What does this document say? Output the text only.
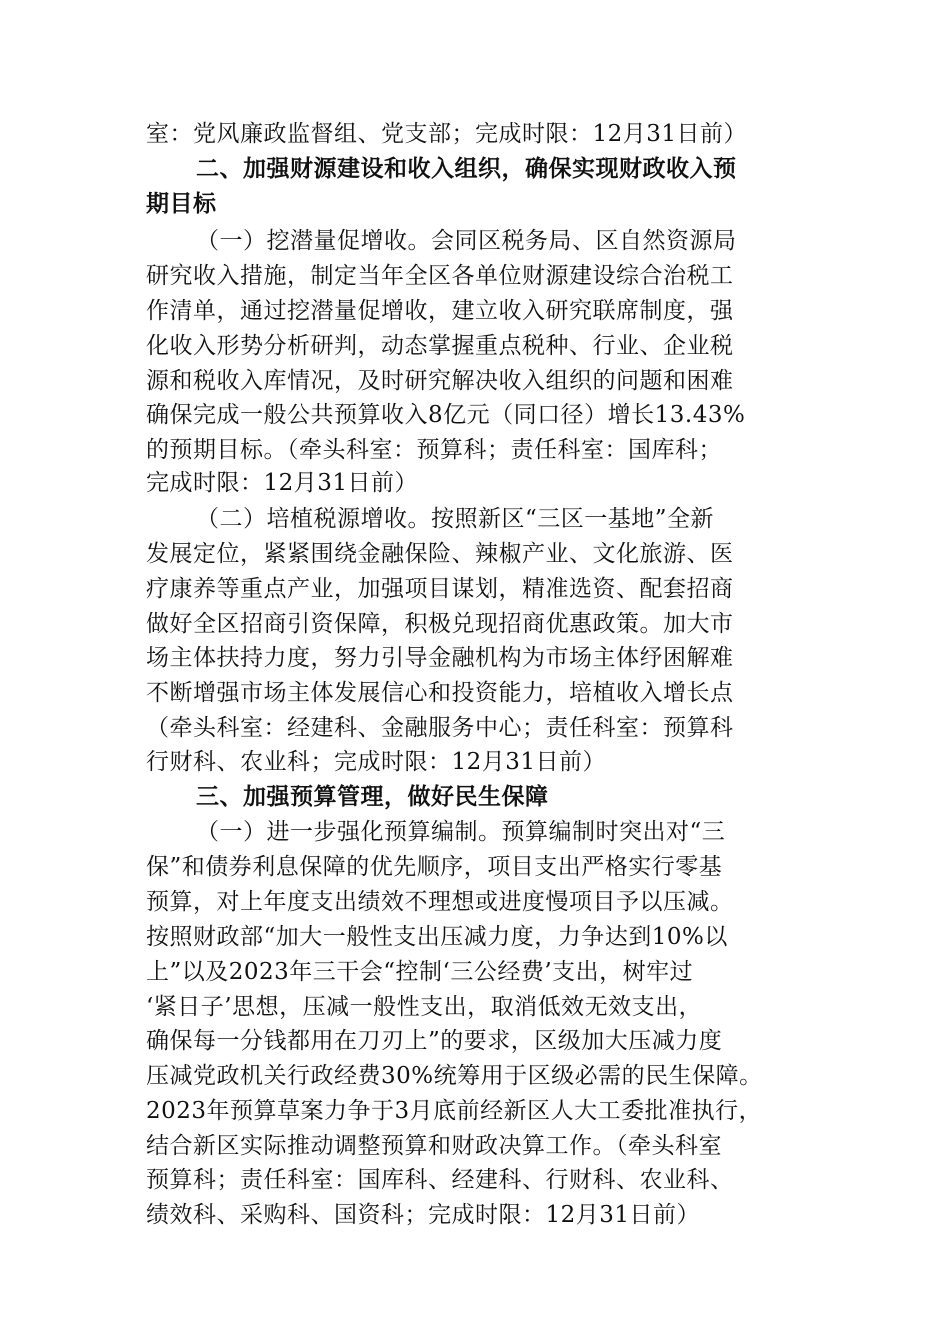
室：党风廉政监督组、党支部；完成时限：12月31日前）
二、加强财源建设和收入组织，确保实现财政收入预
期目标
（一）挖潜量促增收。会同区税务局、区自然资源局
研究收入措施，制定当年全区各单位财源建设综合治税工
作清单，通过挖潜量促增收，建立收入研究联席制度，强
化收入形势分析研判，动态掌握重点税种、行业、企业税
源和税收入库情况，及时研究解决收入组织的问题和困难
确保完成一般公共预算收入8亿元（同口径）增长13.43%
的预期目标。（牵头科室：预算科；责任科室：国库科；
完成时限：12月31日前）
（二）培植税源增收。按照新区“三区一基地”全新
发展定位，紧紧围绕金融保险、辣椒产业、文化旅游、医
疗康养等重点产业，加强项目谋划，精准选资、配套招商
做好全区招商引资保障，积极兑现招商优惠政策。加大市
场主体扶持力度，努力引导金融机构为市场主体纾困解难
不断增强市场主体发展信心和投资能力，培植收入增长点
（牵头科室：经建科、金融服务中心；责任科室：预算科
行财科、农业科；完成时限：12月31日前）
三、加强预算管理，做好民生保障
（一）进一步强化预算编制。预算编制时突出对“三
保”和债券利息保障的优先顺序，项目支出严格实行零基
预算，对上年度支出绩效不理想或进度慢项目予以压减。
按照财政部“加大一般性支出压减力度，力争达到10%以
上”以及2023年三干会“控制‘三公经费’支出，树牢过
‘紧日子’思想，压减一般性支出，取消低效无效支出，
确保每一分钱都用在刀刃上”的要求，区级加大压减力度
压减党政机关行政经费30%统筹用于区级必需的民生保障。
2023年预算草案力争于3月底前经新区人大工委批准执行，
结合新区实际推动调整预算和财政决算工作。（牵头科室
预算科；责任科室：国库科、经建科、行财科、农业科、
绩效科、采购科、国资科；完成时限：12月31日前）
